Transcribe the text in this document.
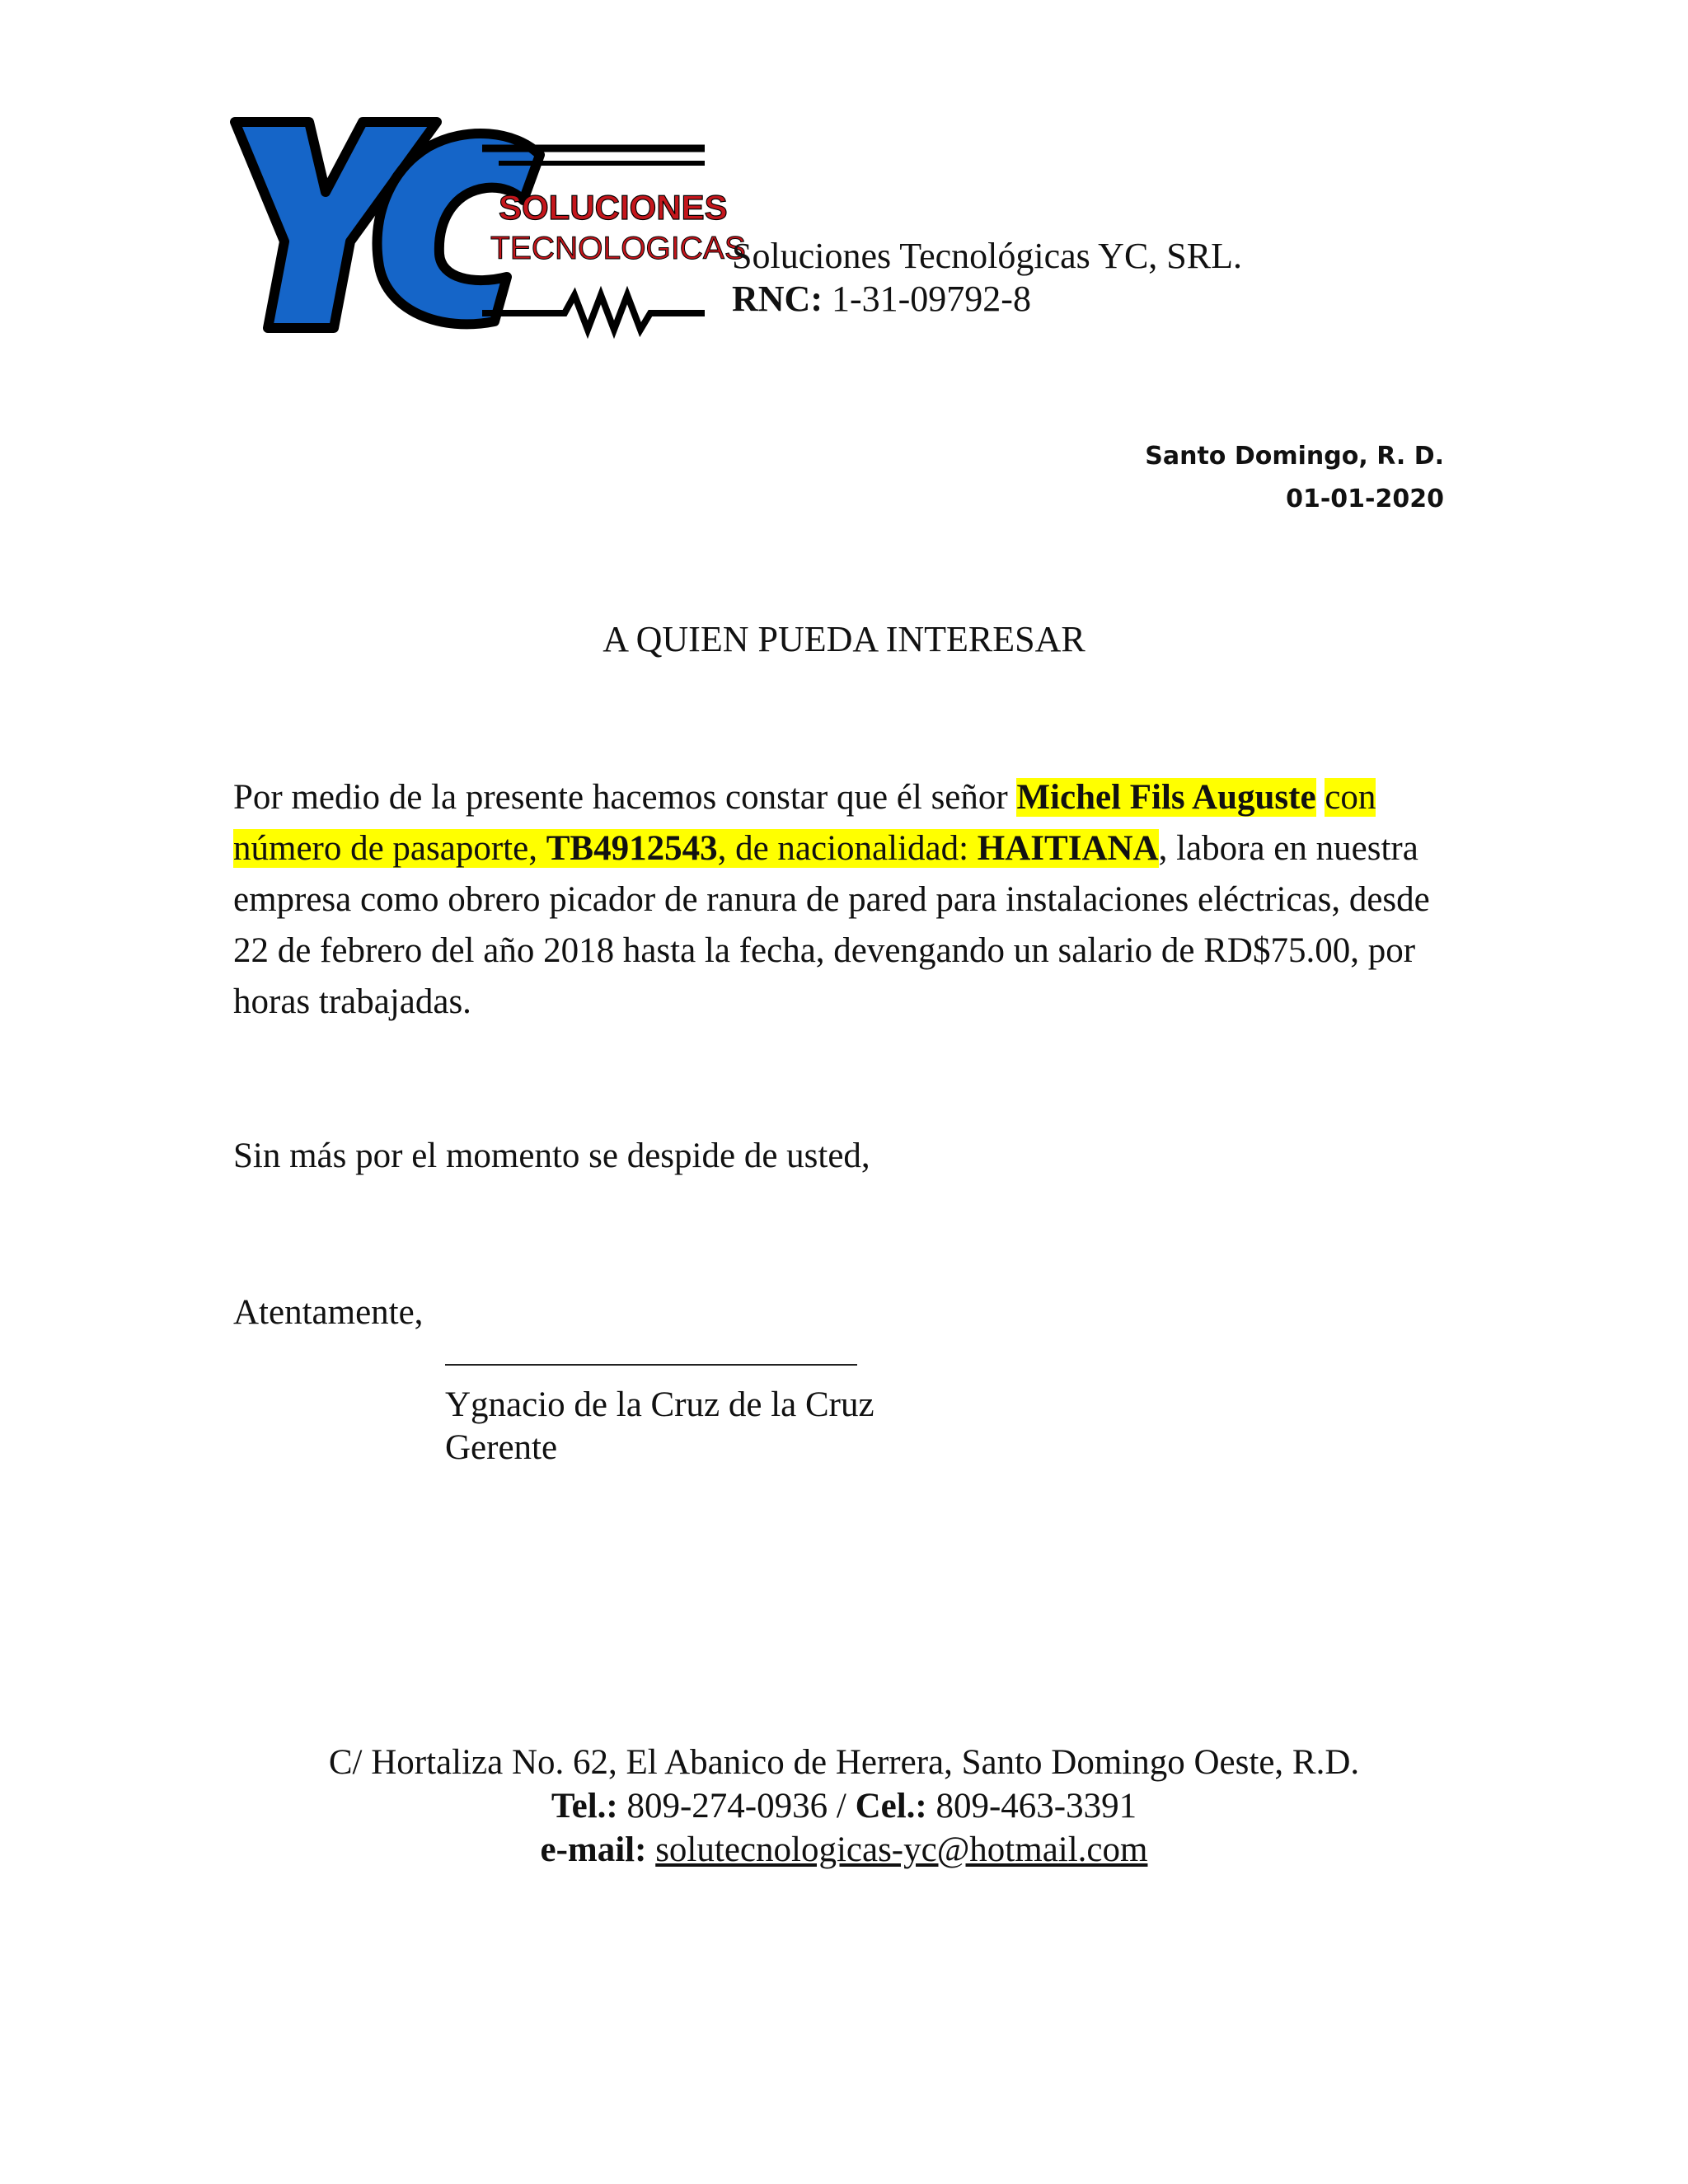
YC
SOLUCIONES
TECNOLOGICAS
Soluciones Tecnológicas YC, SRL.
RNC: 1-31-09792-8
Santo Domingo, R. D.
01-01-2020
A QUIEN PUEDA INTERESAR
Por medio de la presente hacemos constar que él señor Michel Fils Auguste con número de pasaporte, TB4912543, de nacionalidad: HAITIANA, labora en nuestra empresa como obrero picador de ranura de pared para instalaciones eléctricas, desde 22 de febrero del año 2018 hasta la fecha, devengando un salario de RD$75.00, por horas trabajadas.
Sin más por el momento se despide de usted,
Atentamente,
Ygnacio de la Cruz de la Cruz
Gerente
C/ Hortaliza No. 62, El Abanico de Herrera, Santo Domingo Oeste, R.D.
Tel.: 809-274-0936 / Cel.: 809-463-3391
e-mail: solutecnologicas-yc@hotmail.com
